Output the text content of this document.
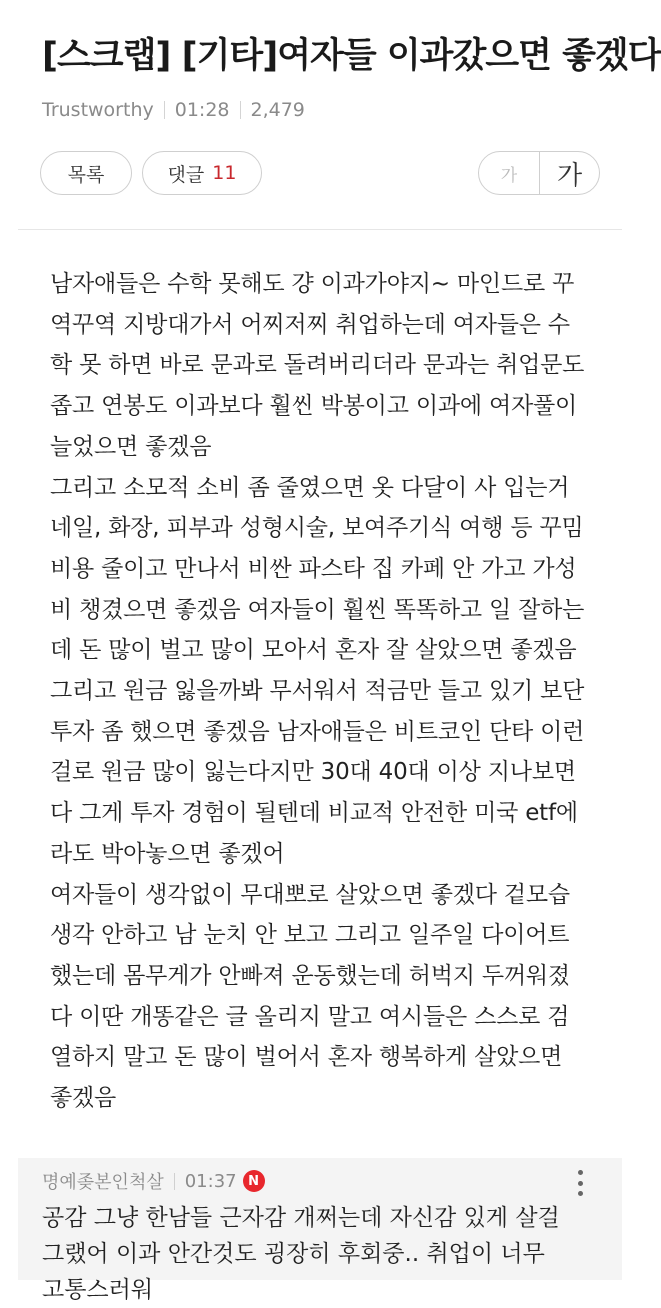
[스크랩] [기타]여자들 이과갔으면 좋겠다
Trustworthy 01:28 2,479
목록	댓글 11	가	가

남자애들은 수학 못해도 걍 이과가야지~ 마인드로 꾸
역꾸역 지방대가서 어찌저찌 취업하는데 여자들은 수
학 못 하면 바로 문과로 돌려버리더라 문과는 취업문도
좁고 연봉도 이과보다 훨씬 박봉이고 이과에 여자풀이
늘었으면 좋겠음

그리고 소모적 소비 좀 줄였으면 옷 다달이 사 입는거
네일, 화장, 피부과 성형시술, 보여주기식 여행 등 꾸밈
비용 줄이고 만나서 비싼 파스타 집 카페 안 가고 가성
비 챙겼으면 좋겠음 여자들이 훨씬 똑똑하고 일 잘하는
데 돈 많이 벌고 많이 모아서 혼자 잘 살았으면 좋겠음

그리고 원금 잃을까봐 무서워서 적금만 들고 있기 보단
투자 좀 했으면 좋겠음 남자애들은 비트코인 단타 이런
걸로 원금 많이 잃는다지만 30대 40대 이상 지나보면
다 그게 투자 경험이 될텐데 비교적 안전한 미국 etf에
라도 박아놓으면 좋겠어

여자들이 생각없이 무대뽀로 살았으면 좋겠다 겉모습
생각 안하고 남 눈치 안 보고 그리고 일주일 다이어트
했는데 몸무게가 안빠져 운동했는데 허벅지 두꺼워졌
다 이딴 개똥같은 글 올리지 말고 여시들은 스스로 검
열하지 말고 돈 많이 벌어서 혼자 행복하게 살았으면
좋겠음

명예좆본인척살 01:37 N

공감 그냥 한남들 근자감 개쩌는데 자신감 있게 살걸
그랬어 이과 안간것도 굉장히 후회중.. 취업이 너무
고통스러워
